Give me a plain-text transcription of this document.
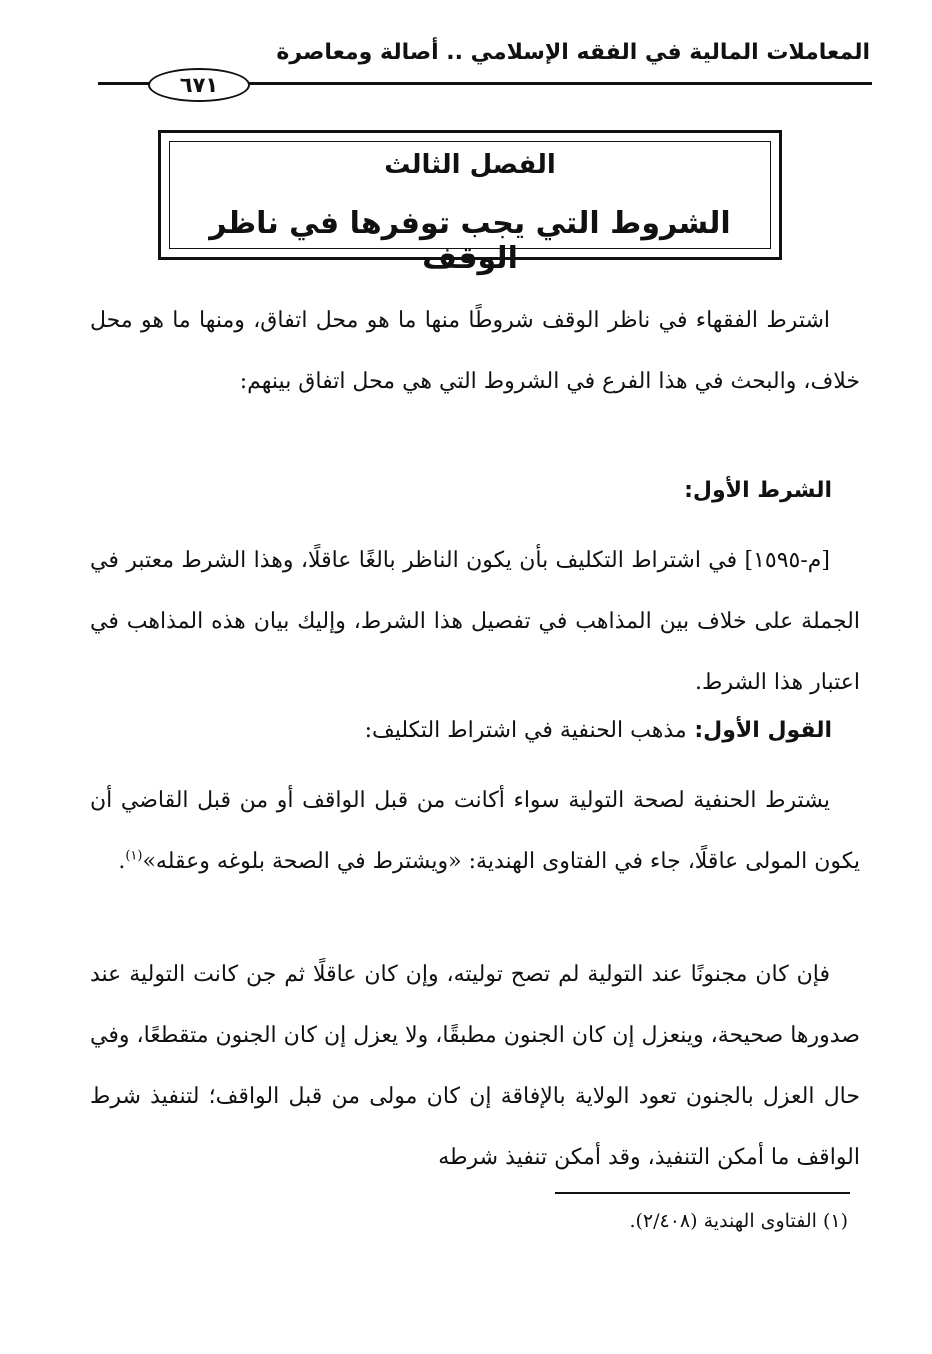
المعاملات المالية في الفقه الإسلامي .. أصالة ومعاصرة
٦٧١
الفصل الثالث
الشروط التي يجب توفرها في ناظر الوقف
اشترط الفقهاء في ناظر الوقف شروطًا منها ما هو محل اتفاق، ومنها ما هو محل خلاف، والبحث في هذا الفرع في الشروط التي هي محل اتفاق بينهم:
الشرط الأول:
[م-١٥٩٥] في اشتراط التكليف بأن يكون الناظر بالغًا عاقلًا، وهذا الشرط معتبر في الجملة على خلاف بين المذاهب في تفصيل هذا الشرط، وإليك بيان هذه المذاهب في اعتبار هذا الشرط.
القول الأول: مذهب الحنفية في اشتراط التكليف:
يشترط الحنفية لصحة التولية سواء أكانت من قبل الواقف أو من قبل القاضي أن يكون المولى عاقلًا، جاء في الفتاوى الهندية: «ويشترط في الصحة بلوغه وعقله»$^{(١)}$.
فإن كان مجنونًا عند التولية لم تصح توليته، وإن كان عاقلًا ثم جن كانت التولية عند صدورها صحيحة، وينعزل إن كان الجنون مطبقًا، ولا يعزل إن كان الجنون متقطعًا، وفي حال العزل بالجنون تعود الولاية بالإفاقة إن كان مولى من قبل الواقف؛ لتنفيذ شرط الواقف ما أمكن التنفيذ، وقد أمكن تنفيذ شرطه
(١) الفتاوى الهندية (٢/٤٠٨).
